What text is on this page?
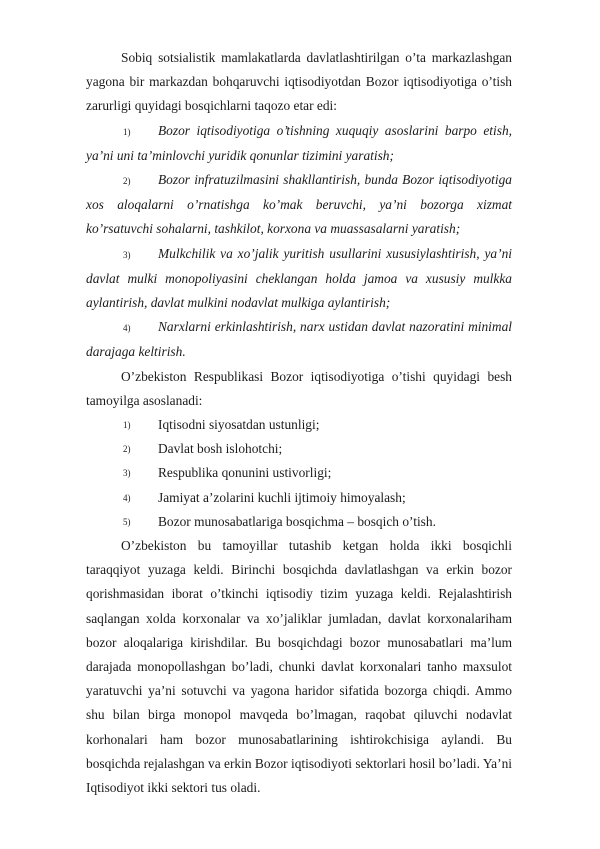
Sobiq sotsialistik mamlakatlarda davlatlashtirilgan o’ta markazlashgan yagona bir markazdan bohqaruvchi iqtisodiyotdan Bozor iqtisodiyotiga o’tish zarurligi quyidagi bosqichlarni taqozo etar edi:

1) Bozor iqtisodiyotiga o’tishning xuquqiy asoslarini barpo etish, ya’ni uni ta’minlovchi yuridik qonunlar tizimini yaratish;

2) Bozor infratuzilmasini shakllantirish, bunda Bozor iqtisodiyotiga xos aloqalarni o’rnatishga ko’mak beruvchi, ya’ni bozorga xizmat ko’rsatuvchi sohalarni, tashkilot, korxona va muassasalarni yaratish;

3) Mulkchilik va xo’jalik yuritish usullarini xususiylashtirish, ya’ni davlat mulki monopoliyasini cheklangan holda jamoa va xususiy mulkka aylantirish, davlat mulkini nodavlat mulkiga aylantirish;

4) Narxlarni erkinlashtirish, narx ustidan davlat nazoratini minimal darajaga keltirish.

O’zbekiston Respublikasi Bozor iqtisodiyotiga o’tishi quyidagi besh tamoyilga asoslanadi:

1)	Iqtisodni siyosatdan ustunligi;
2)	Davlat bosh islohotchi;
3)	Respublika qonunini ustivorligi;
4)	Jamiyat a’zolarini kuchli ijtimoiy himoyalash;
5)	Bozor munosabatlariga bosqichma – bosqich o’tish.

O’zbekiston bu tamoyillar tutashib ketgan holda ikki bosqichli taraqqiyot yuzaga keldi. Birinchi bosqichda davlatlashgan va erkin bozor qorishmasidan iborat o’tkinchi iqtisodiy tizim yuzaga keldi. Rejalashtirish saqlangan xolda korxonalar va xo’jaliklar jumladan, davlat korxonalariham bozor aloqalariga kirishdilar. Bu bosqichdagi bozor munosabatlari ma’lum darajada monopollashgan bo’ladi, chunki davlat korxonalari tanho maxsulot yaratuvchi ya’ni sotuvchi va yagona haridor sifatida bozorga chiqdi. Ammo shu bilan birga monopol mavqeda bo’lmagan, raqobat qiluvchi nodavlat korhonalari ham bozor munosabatlarining ishtirokchisiga aylandi. Bu bosqichda rejalashgan va erkin Bozor iqtisodiyoti sektorlari hosil bo’ladi. Ya’ni Iqtisodiyot ikki sektori tus oladi.
